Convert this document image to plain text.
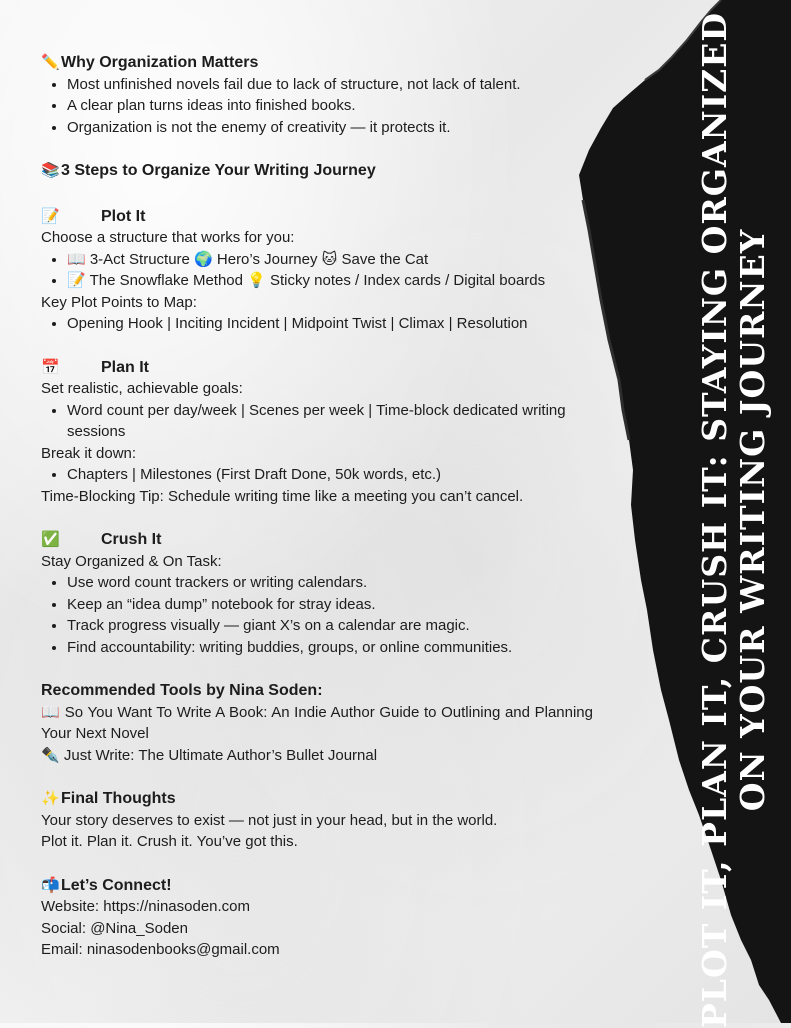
PLOT IT, PLAN IT, CRUSH IT: STAYING ORGANIZED ON YOUR WRITING JOURNEY
✏️ Why Organization Matters
• Most unfinished novels fail due to lack of structure, not lack of talent.
• A clear plan turns ideas into finished books.
• Organization is not the enemy of creativity — it protects it.
📚 3 Steps to Organize Your Writing Journey
📝	Plot It

Choose a structure that works for you:

• 📖 3-Act Structure 🌍 Hero’s Journey 🐱 Save the Cat
• 📝 The Snowflake Method 💡 Sticky notes / Index cards / Digital boards

Key Plot Points to Map:

• Opening Hook | Inciting Incident | Midpoint Twist | Climax | Resolution
📅	Plan It

Set realistic, achievable goals:

• Word count per day/week | Scenes per week | Time-block dedicated writing sessions

Break it down:

• Chapters | Milestones (First Draft Done, 50k words, etc.)

Time-Blocking Tip: Schedule writing time like a meeting you can’t cancel.

✅	Crush It

Stay Organized & On Task:

• Use word count trackers or writing calendars.
• Keep an “idea dump” notebook for stray ideas.
• Track progress visually — giant X’s on a calendar are magic.
• Find accountability: writing buddies, groups, or online communities.
Recommended Tools by Nina Soden:

📖 So You Want To Write A Book: An Indie Author Guide to Outlining and Planning Your Next Novel

✒️ Just Write: The Ultimate Author’s Bullet Journal

✨ Final Thoughts

Your story deserves to exist — not just in your head, but in the world.

Plot it. Plan it. Crush it. You’ve got this.

📬 Let’s Connect!

Website: https://ninasoden.com

Social: @Nina_Soden

Email: ninasodenbooks@gmail.com
